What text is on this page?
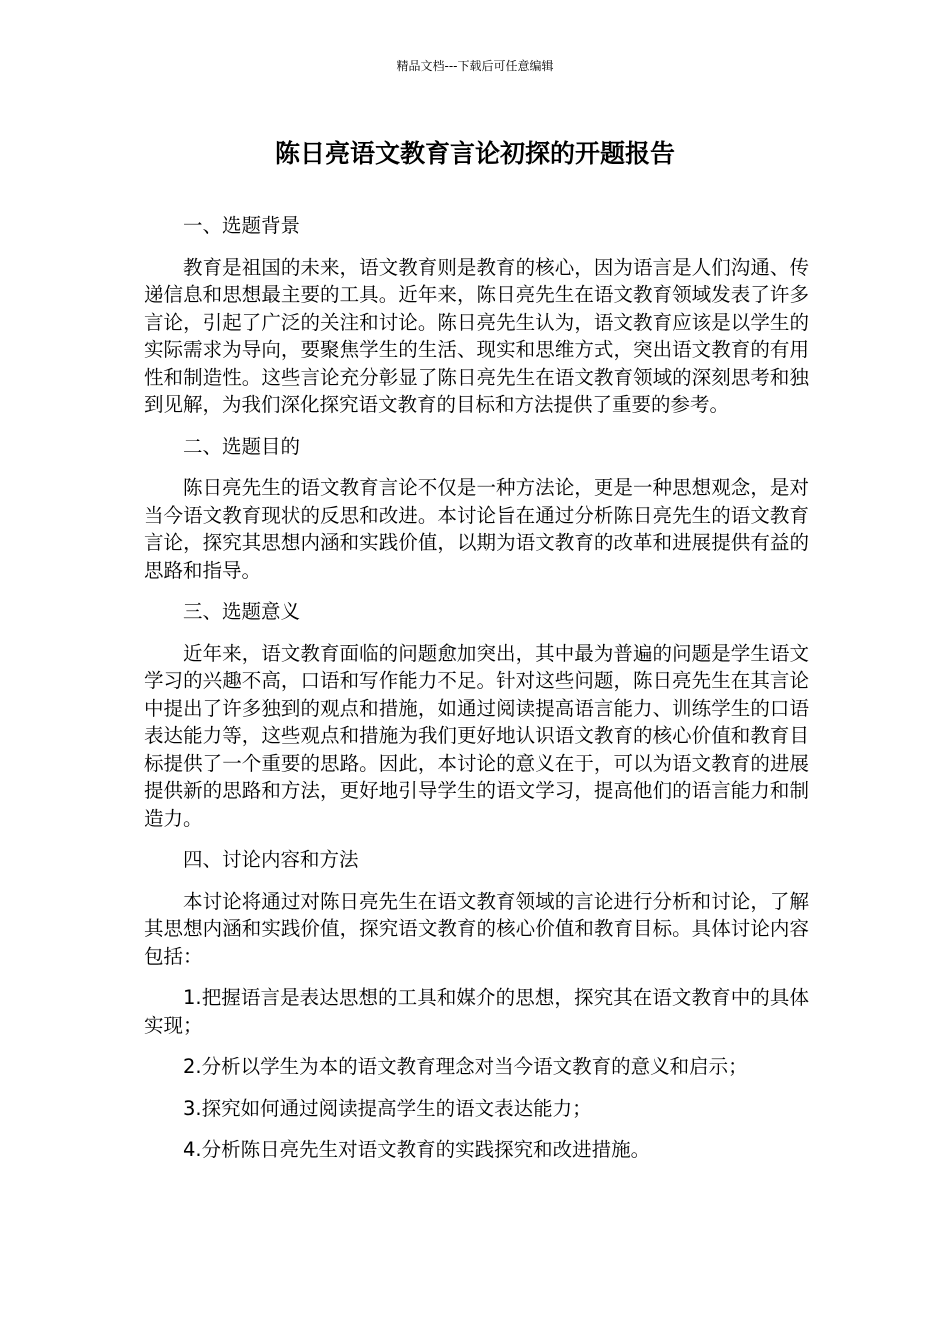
精品文档---下载后可任意编辑
陈日亮语文教育言论初探的开题报告

一、选题背景

教育是祖国的未来，语文教育则是教育的核心，因为语言是人们沟通、传递信息和思想最主要的工具。近年来，陈日亮先生在语文教育领域发表了许多言论，引起了广泛的关注和讨论。陈日亮先生认为，语文教育应该是以学生的实际需求为导向，要聚焦学生的生活、现实和思维方式，突出语文教育的有用性和制造性。这些言论充分彰显了陈日亮先生在语文教育领域的深刻思考和独到见解，为我们深化探究语文教育的目标和方法提供了重要的参考。

二、选题目的

陈日亮先生的语文教育言论不仅是一种方法论，更是一种思想观念，是对当今语文教育现状的反思和改进。本讨论旨在通过分析陈日亮先生的语文教育言论，探究其思想内涵和实践价值，以期为语文教育的改革和进展提供有益的思路和指导。

三、选题意义

近年来，语文教育面临的问题愈加突出，其中最为普遍的问题是学生语文学习的兴趣不高，口语和写作能力不足。针对这些问题，陈日亮先生在其言论中提出了许多独到的观点和措施，如通过阅读提高语言能力、训练学生的口语表达能力等，这些观点和措施为我们更好地认识语文教育的核心价值和教育目标提供了一个重要的思路。因此，本讨论的意义在于，可以为语文教育的进展提供新的思路和方法，更好地引导学生的语文学习，提高他们的语言能力和制造力。

四、讨论内容和方法

本讨论将通过对陈日亮先生在语文教育领域的言论进行分析和讨论，了解其思想内涵和实践价值，探究语文教育的核心价值和教育目标。具体讨论内容包括：

1.把握语言是表达思想的工具和媒介的思想，探究其在语文教育中的具体实现；

2.分析以学生为本的语文教育理念对当今语文教育的意义和启示；

3.探究如何通过阅读提高学生的语文表达能力；

4.分析陈日亮先生对语文教育的实践探究和改进措施。
